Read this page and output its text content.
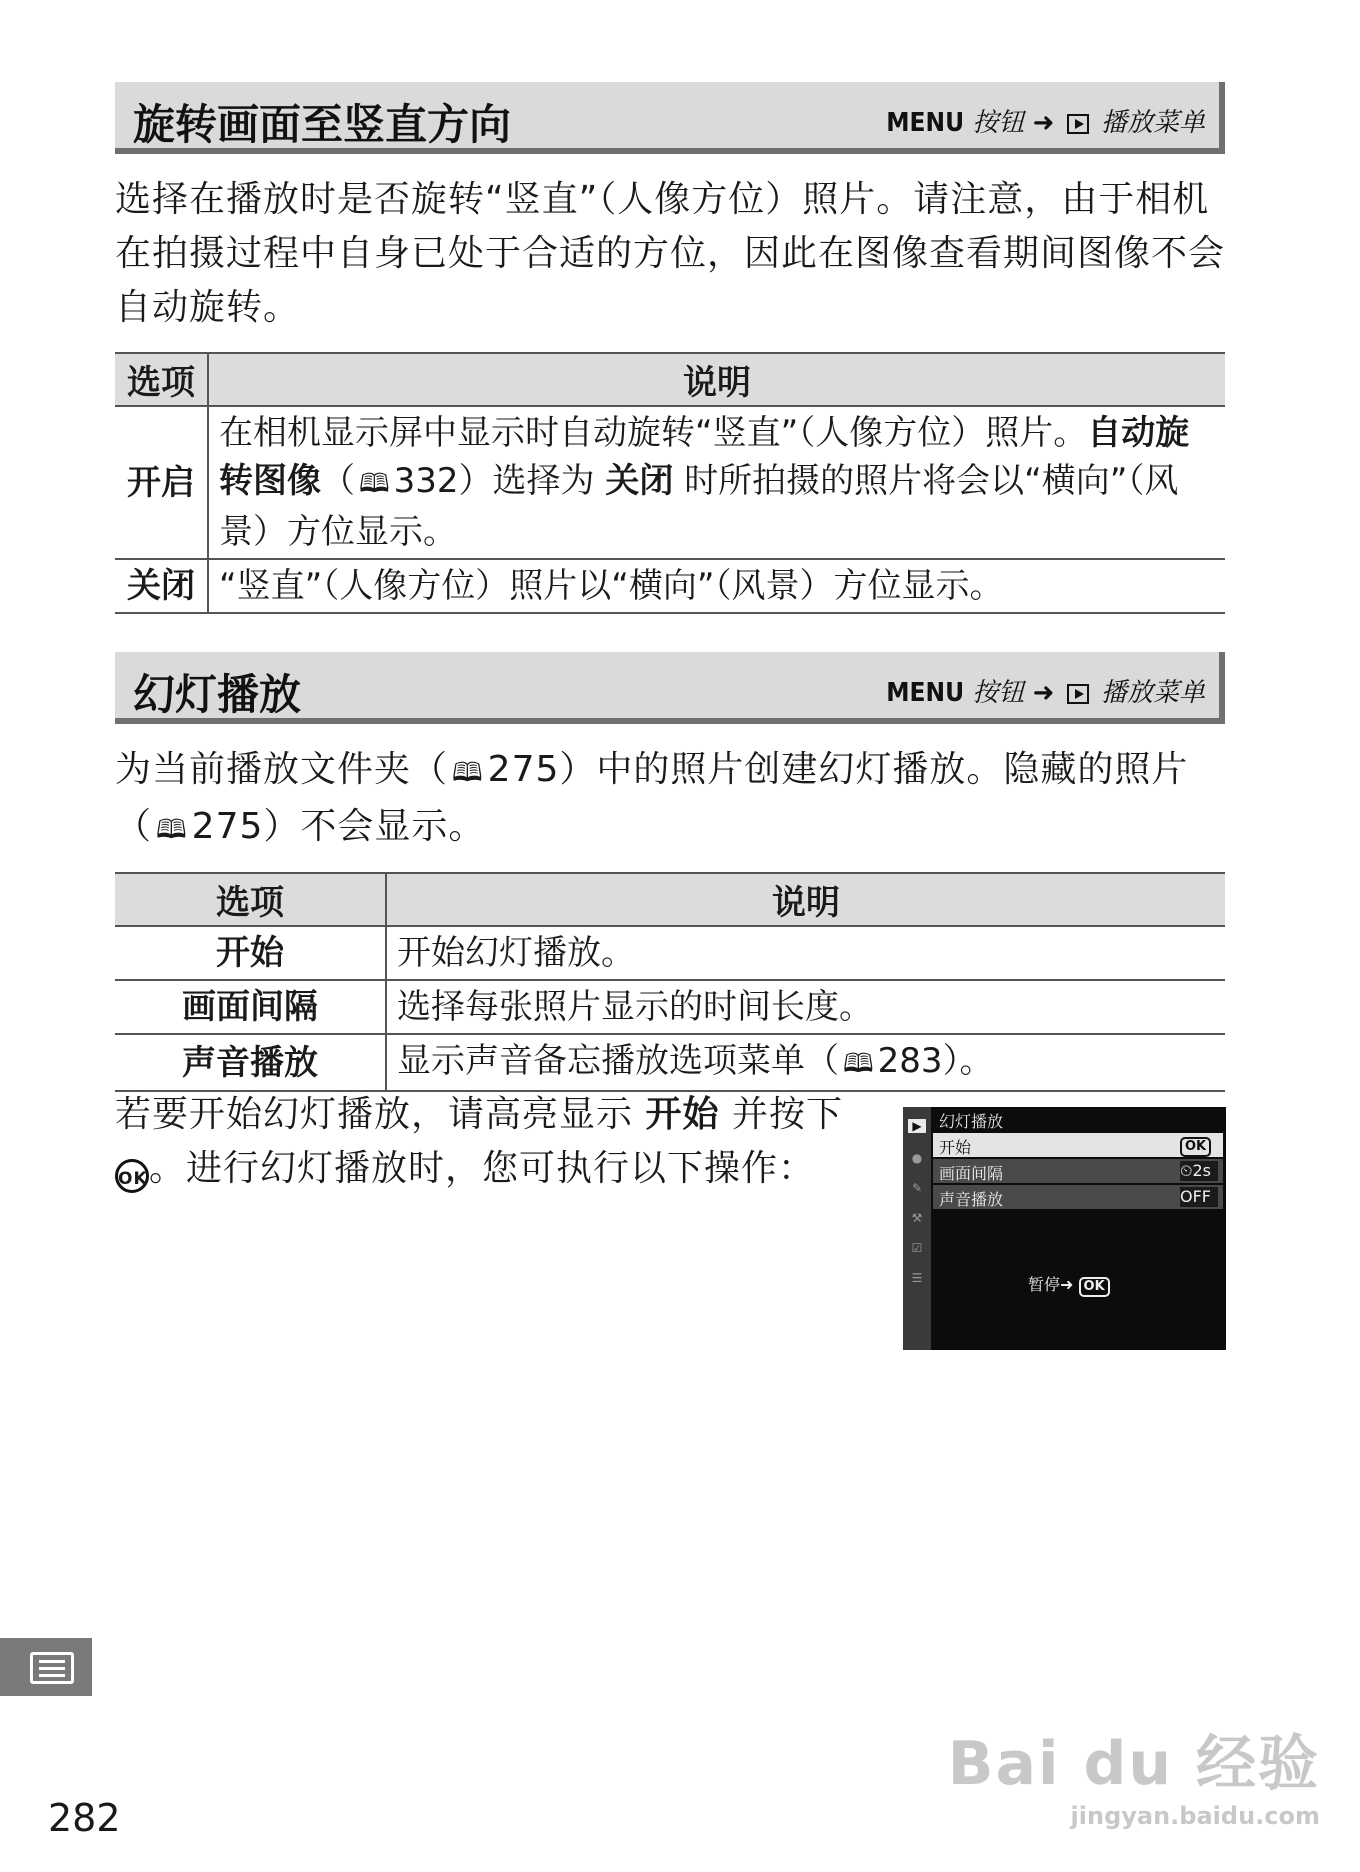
旋转画面至竖直方向	MENU 按钮 ➜ 播放菜单
选择在播放时是否旋转“竖直”（人像方位）照片。请注意，由于相机在拍摄过程中自身已处于合适的方位，因此在图像查看期间图像不会自动旋转。
选项	说明
开启	在相机显示屏中显示时自动旋转“竖直”（人像方位）照片。自动旋转图像（ 🕮 332）选择为 关闭 时所拍摄的照片将会以“横向”（风景）方位显示。
关闭	“竖直”（人像方位）照片以“横向”（风景）方位显示。
幻灯播放	MENU 按钮 ➜ 播放菜单
为当前播放文件夹（ 🕮 275）中的照片创建幻灯播放。隐藏的照片（ 🕮 275）不会显示。
选项	说明
开始	开始幻灯播放。
画面间隔	选择每张照片显示的时间长度。
声音播放	显示声音备忘播放选项菜单（ 🕮 283）。
若要开始幻灯播放，请高亮显示 开始 并按下 OK。进行幻灯播放时，您可执行以下操作：
▶
●
✎
⚒
☑
☰
幻灯播放
开始	OK
画面间隔	⏲2s
声音播放	OFF
暂停➜ OK
282
Bai du 经验
jingyan.baidu.com
